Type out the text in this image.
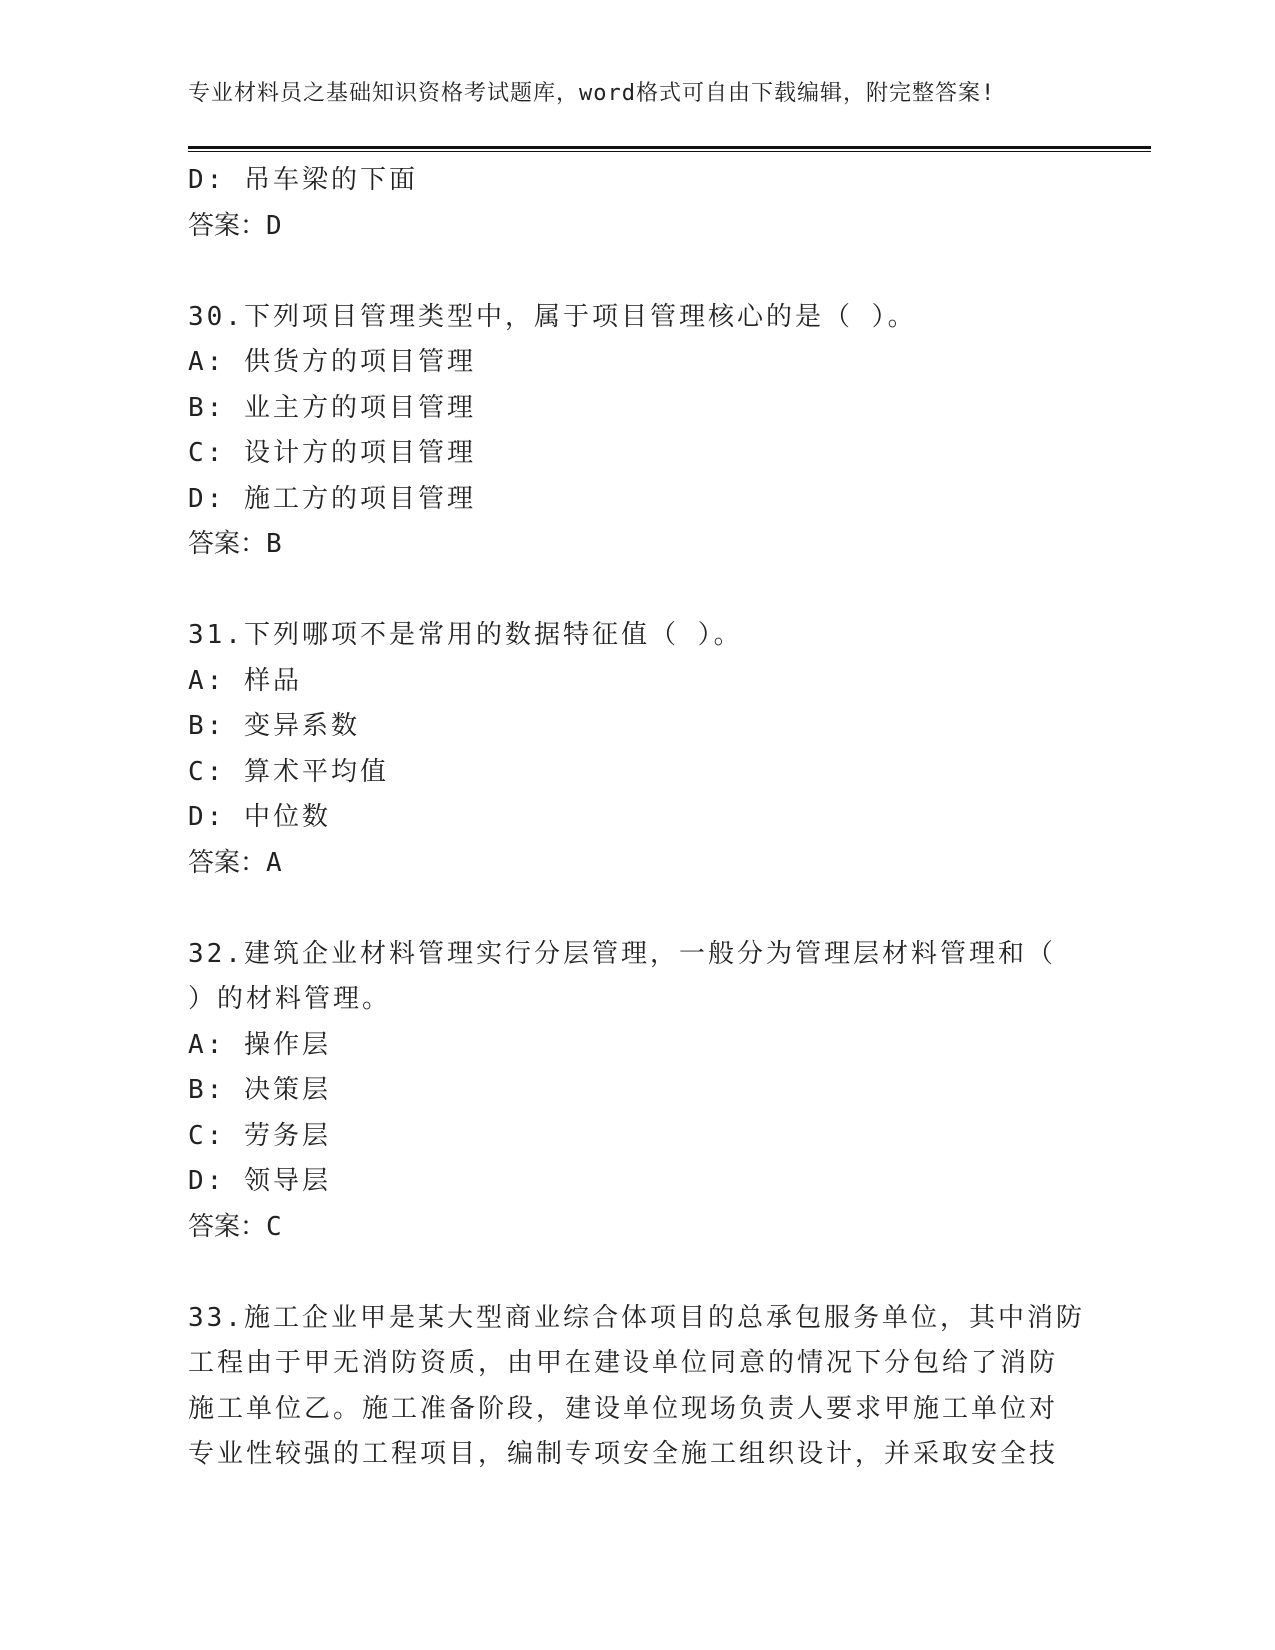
专业材料员之基础知识资格考试题库，word格式可自由下载编辑，附完整答案!
D: 吊车梁的下面
答案：D
30.下列项目管理类型中，属于项目管理核心的是（ ）。
A: 供货方的项目管理
B: 业主方的项目管理
C: 设计方的项目管理
D: 施工方的项目管理
答案：B
31.下列哪项不是常用的数据特征值（ ）。
A: 样品
B: 变异系数
C: 算术平均值
D: 中位数
答案：A
32.建筑企业材料管理实行分层管理，一般分为管理层材料管理和（
）的材料管理。
A: 操作层
B: 决策层
C: 劳务层
D: 领导层
答案：C
33.施工企业甲是某大型商业综合体项目的总承包服务单位，其中消防
工程由于甲无消防资质，由甲在建设单位同意的情况下分包给了消防
施工单位乙。施工准备阶段，建设单位现场负责人要求甲施工单位对
专业性较强的工程项目，编制专项安全施工组织设计，并采取安全技
